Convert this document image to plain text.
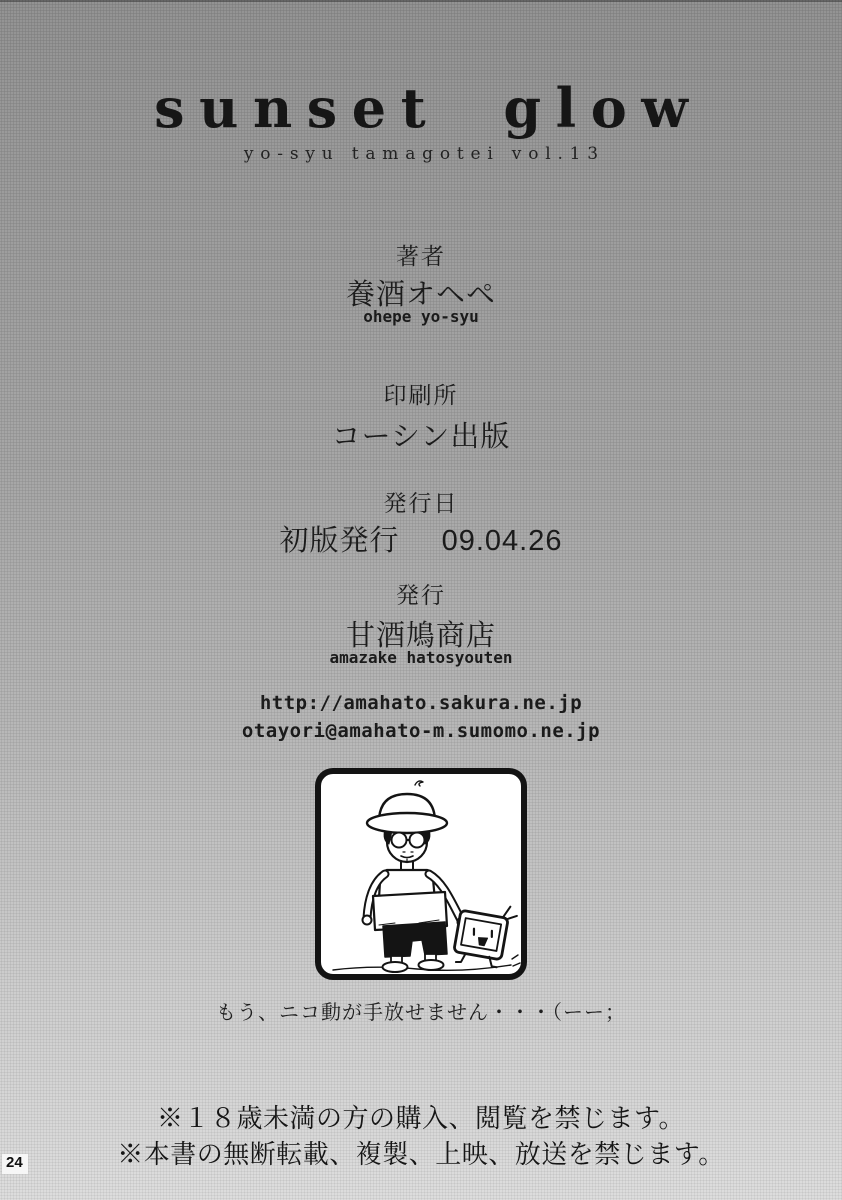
sunset glow
yo-syu tamagotei vol.13
著者
養酒オヘペ
ohepe yo-syu
印刷所
コーシン出版
発行日
初版発行 09.04.26
発行
甘酒鳩商店
amazake hatosyouten
http://amahato.sakura.ne.jp
otayori@amahato-m.sumomo.ne.jp
もう、ニコ動が手放せません・・・（ーー；
※１８歳未満の方の購入、閲覧を禁じます。
※本書の無断転載、複製、上映、放送を禁じます。
24
